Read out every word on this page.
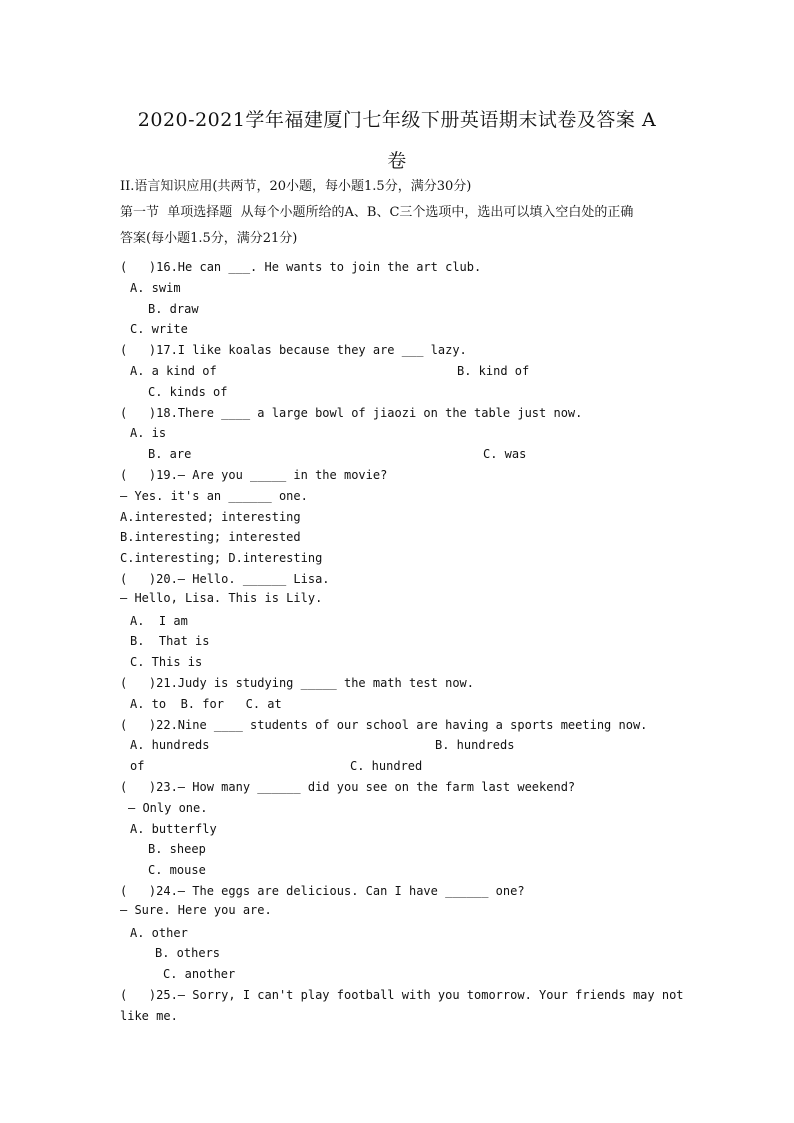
2020-2021学年福建厦门七年级下册英语期末试卷及答案 A
卷
II.语言知识应用(共两节，20小题，每小题1.5分，满分30分)
第一节  单项选择题  从每个小题所给的A、B、C三个选项中，选出可以填入空白处的正确
答案(每小题1.5分，满分21分)
(   )16.He can ___. He wants to join the art club.
A. swim
B. draw
C. write
(   )17.I like koalas because they are ___ lazy.
A. a kind of	B. kind of
C. kinds of
(   )18.There ____ a large bowl of jiaozi on the table just now.
A. is
B. are	C. was
(   )19.— Are you _____ in the movie?
— Yes. it's an ______ one.
A.interested; interesting
B.interesting; interested
C.interesting; D.interesting
(   )20.— Hello. ______ Lisa.
— Hello, Lisa. This is Lily.
A.  I am
B.  That is
C. This is
(   )21.Judy is studying _____ the math test now.
A. to  B. for   C. at
(   )22.Nine ____ students of our school are having a sports meeting now.
A. hundreds	B. hundreds
of	C. hundred
(   )23.— How many ______ did you see on the farm last weekend?
— Only one.
A. butterfly
B. sheep
C. mouse
(   )24.— The eggs are delicious. Can I have ______ one?
— Sure. Here you are.
A. other
B. others
C. another
(   )25.— Sorry, I can't play football with you tomorrow. Your friends may not
like me.
